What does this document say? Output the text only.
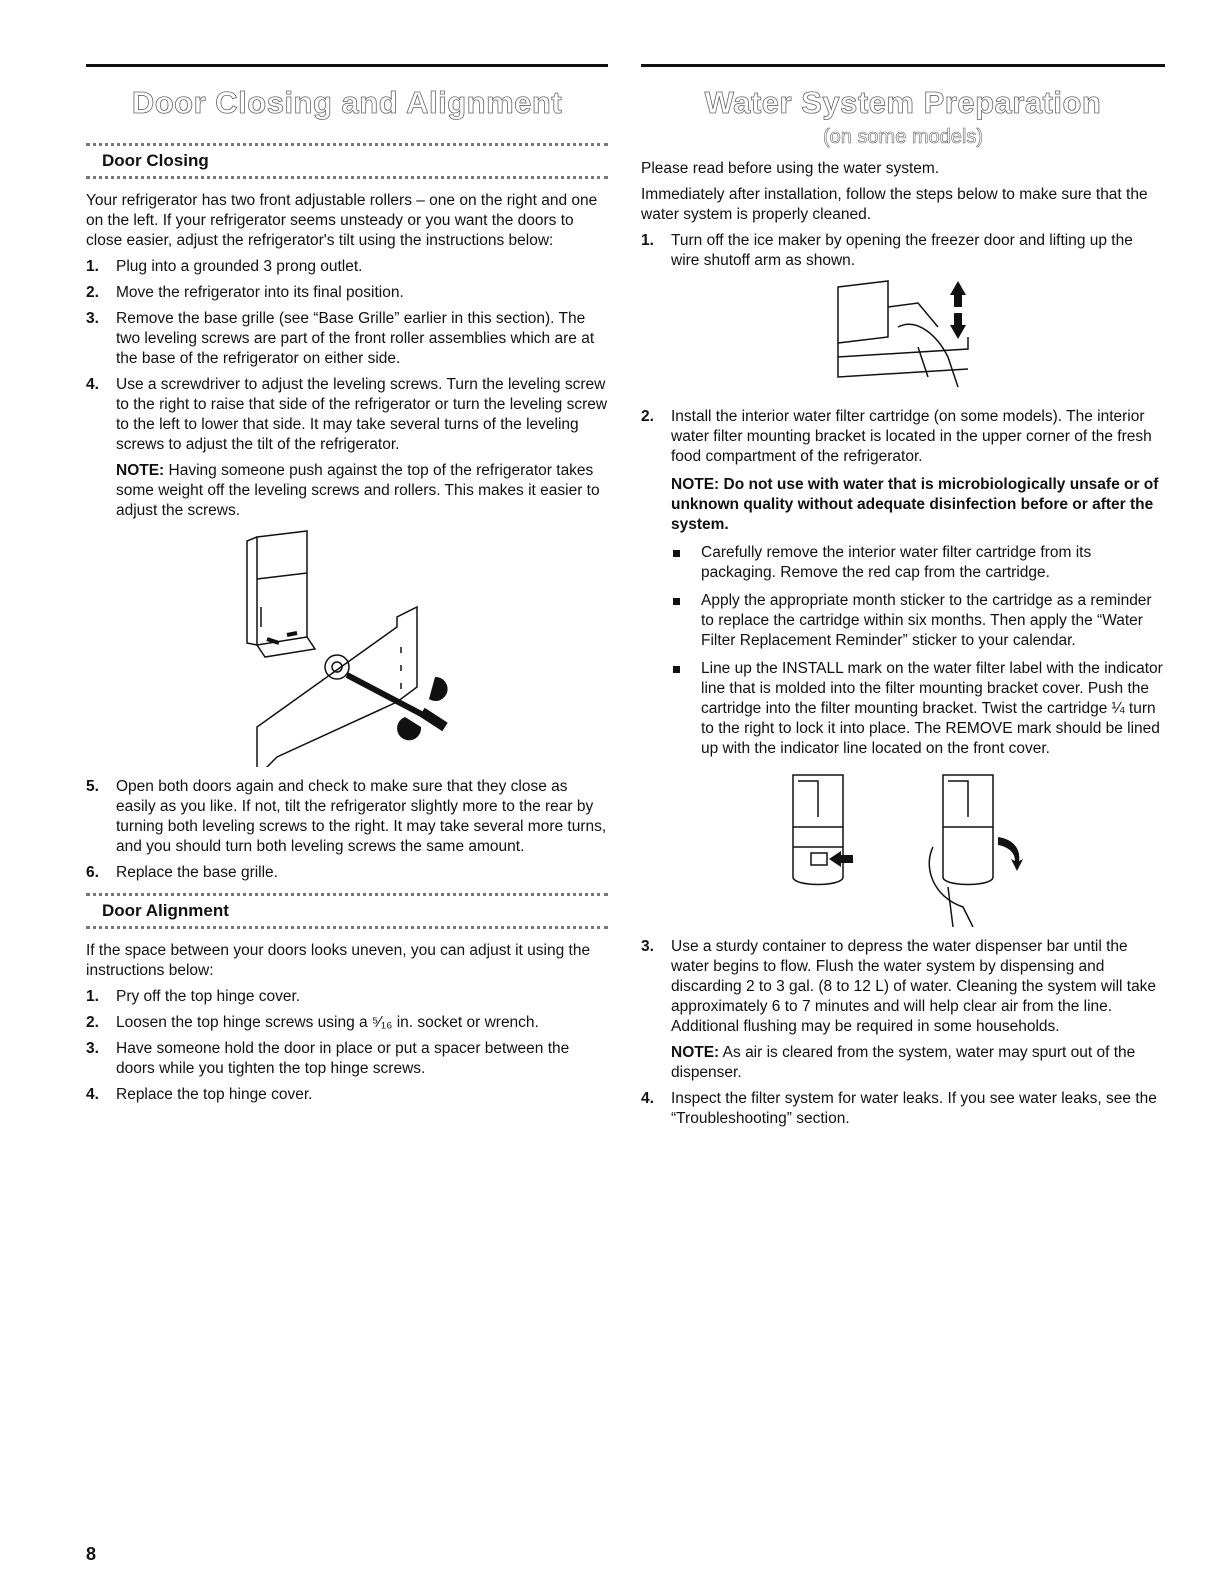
Door Closing and Alignment
Door Closing

Your refrigerator has two front adjustable rollers – one on the right and one on the left. If your refrigerator seems unsteady or you want the doors to close easier, adjust the refrigerator's tilt using the instructions below:

1. Plug into a grounded 3 prong outlet.
2. Move the refrigerator into its final position.
3. Remove the base grille (see “Base Grille” earlier in this section). The two leveling screws are part of the front roller assemblies which are at the base of the refrigerator on either side.
4. Use a screwdriver to adjust the leveling screws. Turn the leveling screw to the right to raise that side of the refrigerator or turn the leveling screw to the left to lower that side. It may take several turns of the leveling screws to adjust the tilt of the refrigerator.

NOTE: Having someone push against the top of the refrigerator takes some weight off the leveling screws and rollers. This makes it easier to adjust the screws.

5. Open both doors again and check to make sure that they close as easily as you like. If not, tilt the refrigerator slightly more to the rear by turning both leveling screws to the right. It may take several more turns, and you should turn both leveling screws the same amount.
6. Replace the base grille.
Door Alignment

If the space between your doors looks uneven, you can adjust it using the instructions below:

1. Pry off the top hinge cover.
2. Loosen the top hinge screws using a ⁵⁄₁₆ in. socket or wrench.
3. Have someone hold the door in place or put a spacer between the doors while you tighten the top hinge screws.
4. Replace the top hinge cover.
Water System Preparation
(on some models)

Please read before using the water system.

Immediately after installation, follow the steps below to make sure that the water system is properly cleaned.

1. Turn off the ice maker by opening the freezer door and lifting up the wire shutoff arm as shown.
2. Install the interior water filter cartridge (on some models). The interior water filter mounting bracket is located in the upper corner of the fresh food compartment of the refrigerator.
NOTE: Do not use with water that is microbiologically unsafe or of unknown quality without adequate disinfection before or after the system.
Carefully remove the interior water filter cartridge from its packaging. Remove the red cap from the cartridge.
Apply the appropriate month sticker to the cartridge as a reminder to replace the cartridge within six months. Then apply the “Water Filter Replacement Reminder” sticker to your calendar.
Line up the INSTALL mark on the water filter label with the indicator line that is molded into the filter mounting bracket cover. Push the cartridge into the filter mounting bracket. Twist the cartridge ¼ turn to the right to lock it into place. The REMOVE mark should be lined up with the indicator line located on the front cover.
3. Use a sturdy container to depress the water dispenser bar until the water begins to flow. Flush the water system by dispensing and discarding 2 to 3 gal. (8 to 12 L) of water. Cleaning the system will take approximately 6 to 7 minutes and will help clear air from the line. Additional flushing may be required in some households.

NOTE: As air is cleared from the system, water may spurt out of the dispenser.

4. Inspect the filter system for water leaks. If you see water leaks, see the “Troubleshooting” section.
8
